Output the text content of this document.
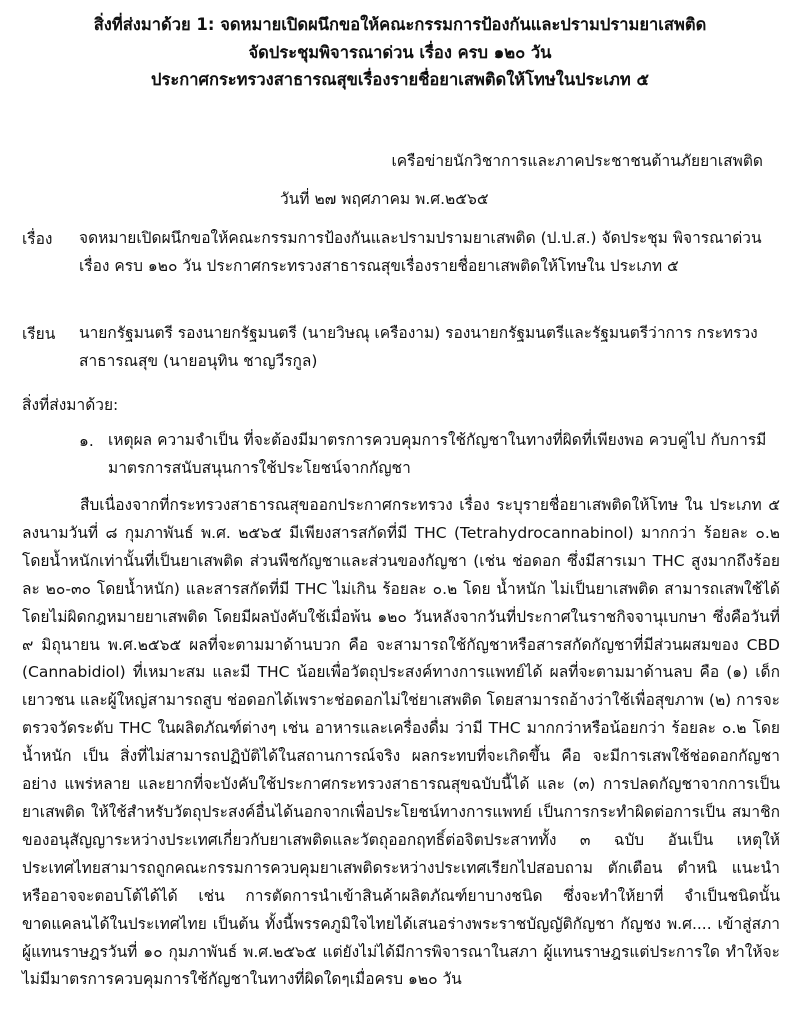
สิ่งที่ส่งมาด้วย 1: จดหมายเปิดผนึกขอให้คณะกรรมการป้องกันและปรามปรามยาเสพติด
จัดประชุมพิจารณาด่วน เรื่อง ครบ ๑๒๐ วัน
ประกาศกระทรวงสาธารณสุขเรื่องรายชื่อยาเสพติดให้โทษในประเภท ๕
เครือข่ายนักวิชาการและภาคประชาชนต้านภัยยาเสพติด
วันที่ ๒๗ พฤศภาคม พ.ศ.๒๕๖๕
เรื่อง จดหมายเปิดผนึกขอให้คณะกรรมการป้องกันและปรามปรามยาเสพติด (ป.ป.ส.) จัดประชุม พิจารณาด่วน เรื่อง ครบ ๑๒๐ วัน ประกาศกระทรวงสาธารณสุขเรื่องรายชื่อยาเสพติดให้โทษใน ประเภท ๕
เรียน นายกรัฐมนตรี รองนายกรัฐมนตรี (นายวิษณุ เครืองาม) รองนายกรัฐมนตรีและรัฐมนตรีว่าการ กระทรวงสาธารณสุข (นายอนุทิน ชาญวีรกูล)
สิ่งที่ส่งมาด้วย:
๑. เหตุผล ความจำเป็น ที่จะต้องมีมาตรการควบคุมการใช้กัญชาในทางที่ผิดที่เพียงพอ ควบคู่ไป กับการมีมาตรการสนับสนุนการใช้ประโยชน์จากกัญชา
สืบเนื่องจากที่กระทรวงสาธารณสุขออกประกาศกระทรวง เรื่อง ระบุรายชื่อยาเสพติดให้โทษ ใน ประเภท ๕ ลงนามวันที่ ๘ กุมภาพันธ์ พ.ศ. ๒๕๖๕ มีเพียงสารสกัดที่มี THC (Tetrahydrocannabinol) มากกว่า ร้อยละ ๐.๒ โดยน้ำหนักเท่านั้นที่เป็นยาเสพติด ส่วนพืชกัญชาและส่วนของกัญชา (เช่น ช่อดอก ซึ่งมีสารเมา THC สูงมากถึงร้อยละ ๒๐-๓๐ โดยน้ำหนัก) และสารสกัดที่มี THC ไม่เกิน ร้อยละ ๐.๒ โดย น้ำหนัก ไม่เป็นยาเสพติด สามารถเสพใช้ได้โดยไม่ผิดกฎหมายยาเสพติด โดยมีผลบังคับใช้เมื่อพ้น ๑๒๐ วันหลังจากวันที่ประกาศในราชกิจจานุเบกษา ซึ่งคือวันที่ ๙ มิถุนายน พ.ศ.๒๕๖๕ ผลที่จะตามมาด้านบวก คือ จะสามารถใช้กัญชาหรือสารสกัดกัญชาที่มีส่วนผสมของ CBD (Cannabidiol) ที่เหมาะสม และมี THC น้อยเพื่อวัตถุประสงค์ทางการแพทย์ได้ ผลที่จะตามมาด้านลบ คือ (๑) เด็ก เยาวชน และผู้ใหญ่สามารถสูบ ช่อดอกได้เพราะช่อดอกไม่ใช่ยาเสพติด โดยสามารถอ้างว่าใช้เพื่อสุขภาพ (๒) การจะตรวจวัดระดับ THC ในผลิตภัณฑ์ต่างๆ เช่น อาหารและเครื่องดื่ม ว่ามี THC มากกว่าหรือน้อยกว่า ร้อยละ ๐.๒ โดยน้ำหนัก เป็น สิ่งที่ไม่สามารถปฏิบัติได้ในสถานการณ์จริง ผลกระทบที่จะเกิดขึ้น คือ จะมีการเสพใช้ช่อดอกกัญชาอย่าง แพร่หลาย และยากที่จะบังคับใช้ประกาศกระทรวงสาธารณสุขฉบับนี้ได้ และ (๓) การปลดกัญชาจากการเป็น ยาเสพติด ให้ใช้สำหรับวัตถุประสงค์อื่นได้นอกจากเพื่อประโยชน์ทางการแพทย์ เป็นการกระทำผิดต่อการเป็น สมาชิกของอนุสัญญาระหว่างประเทศเกี่ยวกับยาเสพติดและวัตถุออกฤทธิ์ต่อจิตประสาททั้ง ๓ ฉบับ อันเป็น เหตุให้ประเทศไทยสามารถถูกคณะกรรมการควบคุมยาเสพติดระหว่างประเทศเรียกไปสอบถาม ตักเตือน ตำหนิ แนะนำ หรืออาจจะตอบโต้ได้ได้ เช่น การตัดการนำเข้าสินค้าผลิตภัณฑ์ยาบางชนิด ซึ่งจะทำให้ยาที่ จำเป็นชนิดนั้นขาดแคลนได้ในประเทศไทย เป็นต้น ทั้งนี้พรรคภูมิใจไทยได้เสนอร่างพระราชบัญญัติกัญชา กัญชง พ.ศ.... เข้าสู่สภาผู้แทนราษฎรวันที่ ๑๐ กุมภาพันธ์ พ.ศ.๒๕๖๕ แต่ยังไม่ได้มีการพิจารณาในสภา ผู้แทนราษฎรแต่ประการใด ทำให้จะไม่มีมาตรการควบคุมการใช้กัญชาในทางที่ผิดใดๆเมื่อครบ ๑๒๐ วัน
